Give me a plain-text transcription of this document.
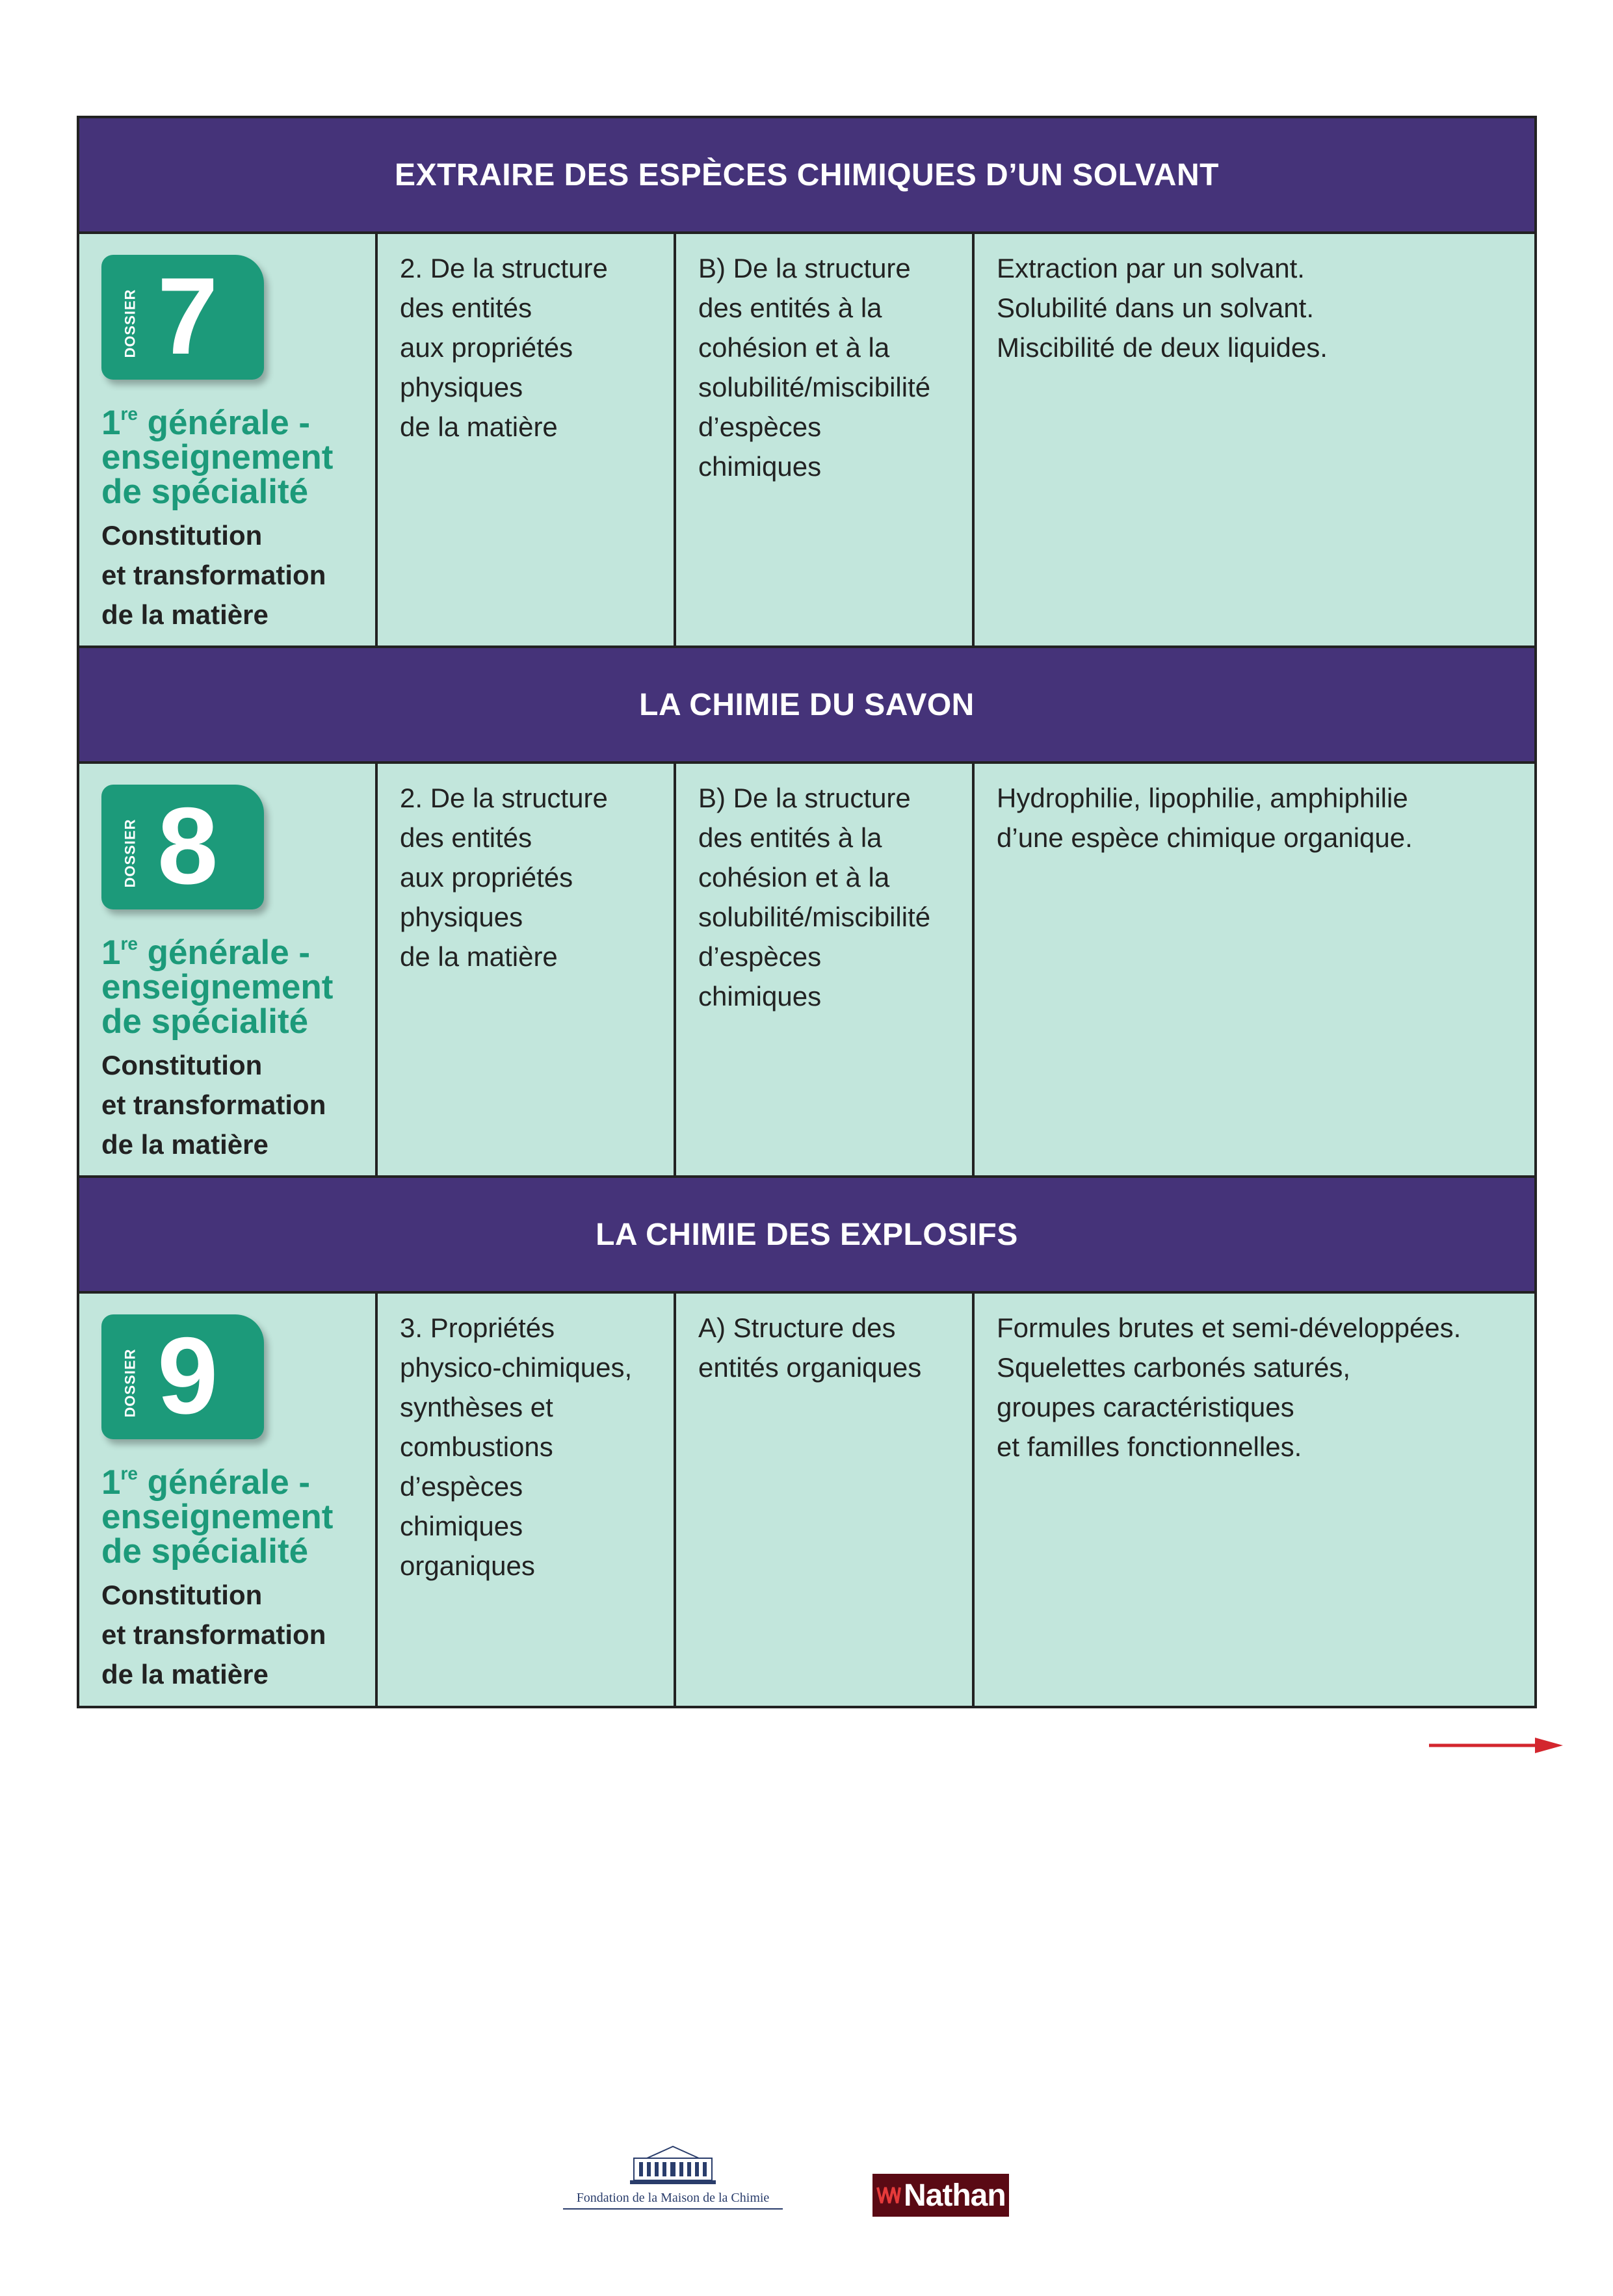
EXTRAIRE DES ESPÈCES CHIMIQUES D’UN SOLVANT
DOSSIER 7
1re générale -
enseignement
de spécialité
Constitution
et transformation
de la matière
2. De la structure
des entités
aux propriétés
physiques
de la matière
B) De la structure
des entités à la
cohésion et à la
solubilité/miscibilité
d’espèces
chimiques
Extraction par un solvant.
Solubilité dans un solvant.
Miscibilité de deux liquides.
LA CHIMIE DU SAVON
DOSSIER 8
1re générale -
enseignement
de spécialité
Constitution
et transformation
de la matière
2. De la structure
des entités
aux propriétés
physiques
de la matière
B) De la structure
des entités à la
cohésion et à la
solubilité/miscibilité
d’espèces
chimiques
Hydrophilie, lipophilie, amphiphilie
d’une espèce chimique organique.
LA CHIMIE DES EXPLOSIFS
DOSSIER 9
1re générale -
enseignement
de spécialité
Constitution
et transformation
de la matière
3. Propriétés
physico-chimiques,
synthèses et
combustions
d’espèces
chimiques
organiques
A) Structure des
entités organiques
Formules brutes et semi-développées.
Squelettes carbonés saturés,
groupes caractéristiques
et familles fonctionnelles.
Fondation de la Maison de la Chimie	Nathan
